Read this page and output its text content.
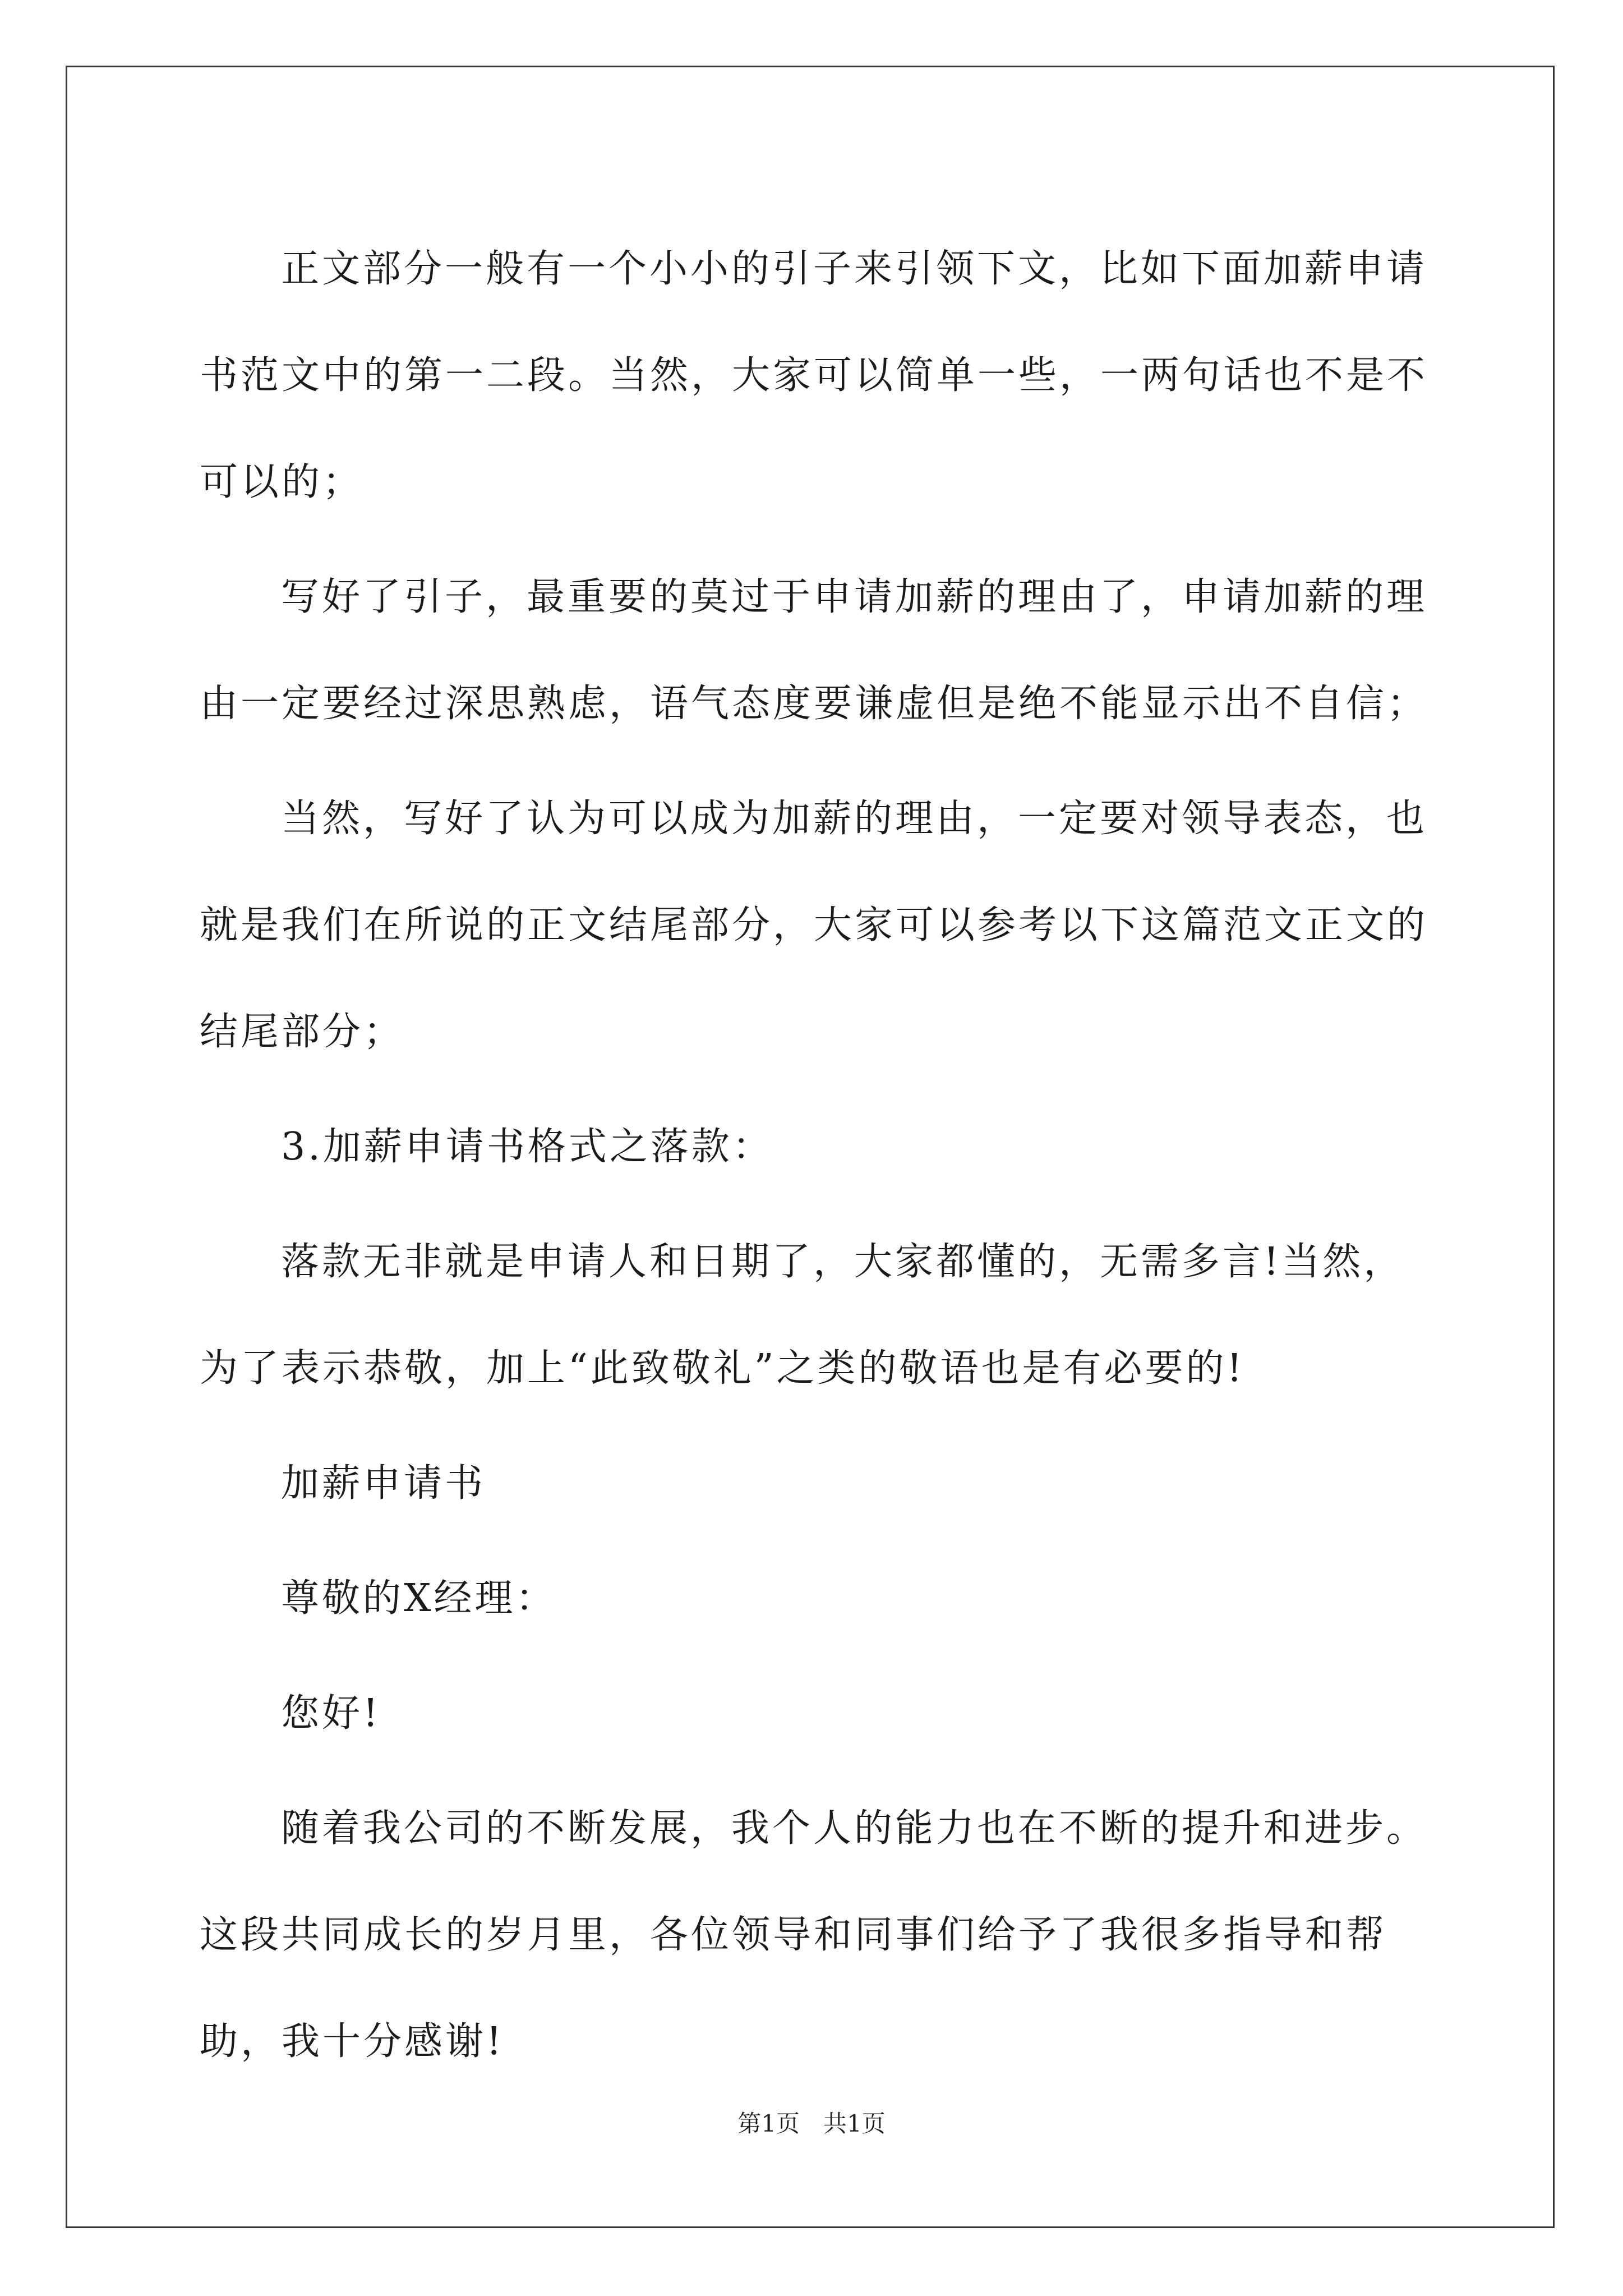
正文部分一般有一个小小的引子来引领下文，比如下面加薪申请书范文中的第一二段。当然，大家可以简单一些，一两句话也不是不可以的；

写好了引子，最重要的莫过于申请加薪的理由了，申请加薪的理由一定要经过深思熟虑，语气态度要谦虚但是绝不能显示出不自信；

当然，写好了认为可以成为加薪的理由，一定要对领导表态，也就是我们在所说的正文结尾部分，大家可以参考以下这篇范文正文的结尾部分；

3.加薪申请书格式之落款：

落款无非就是申请人和日期了，大家都懂的，无需多言!当然，为了表示恭敬，加上“此致敬礼”之类的敬语也是有必要的!

加薪申请书

尊敬的X经理：

您好!

随着我公司的不断发展，我个人的能力也在不断的提升和进步。这段共同成长的岁月里，各位领导和同事们给予了我很多指导和帮助，我十分感谢!

第1页　共1页
